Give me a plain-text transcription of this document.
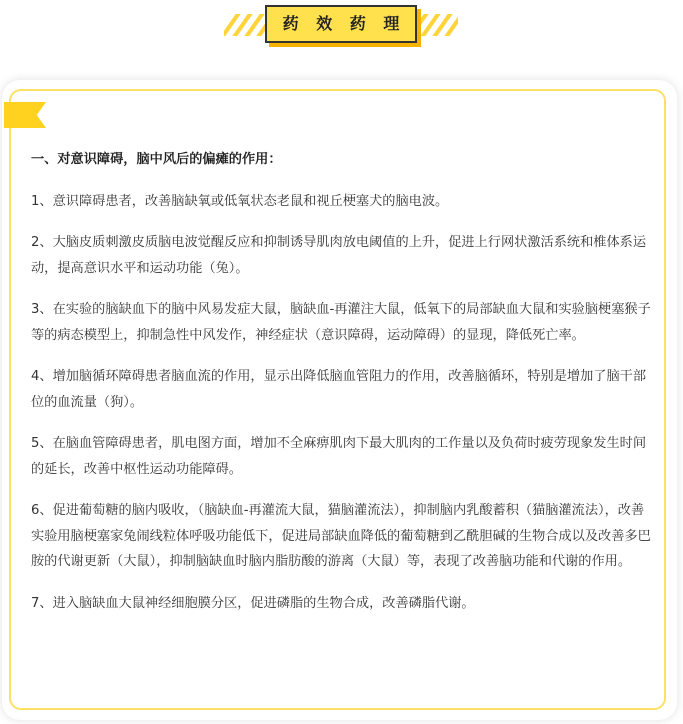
药 效 药 理

一、对意识障碍，脑中风后的偏瘫的作用：

1、意识障碍患者，改善脑缺氧或低氧状态老鼠和视丘梗塞犬的脑电波。

2、大脑皮质刺激皮质脑电波觉醒反应和抑制诱导肌肉放电阈值的上升，促进上行网状激活系统和椎体系运动，提高意识水平和运动功能（兔）。

3、在实验的脑缺血下的脑中风易发症大鼠，脑缺血-再灌注大鼠，低氧下的局部缺血大鼠和实验脑梗塞猴子等的病态模型上，抑制急性中风发作，神经症状（意识障碍，运动障碍）的显现，降低死亡率。

4、增加脑循环障碍患者脑血流的作用，显示出降低脑血管阻力的作用，改善脑循环，特别是增加了脑干部位的血流量（狗）。

5、在脑血管障碍患者，肌电图方面，增加不全麻痹肌肉下最大肌肉的工作量以及负荷时疲劳现象发生时间的延长，改善中枢性运动功能障碍。

6、促进葡萄糖的脑内吸收，（脑缺血-再灌流大鼠，猫脑灌流法），抑制脑内乳酸蓄积（猫脑灌流法），改善实验用脑梗塞家兔闹线粒体呼吸功能低下，促进局部缺血降低的葡萄糖到乙酰胆碱的生物合成以及改善多巴胺的代谢更新（大鼠），抑制脑缺血时脑内脂肪酸的游离（大鼠）等，表现了改善脑功能和代谢的作用。

7、进入脑缺血大鼠神经细胞膜分区，促进磷脂的生物合成，改善磷脂代谢。
